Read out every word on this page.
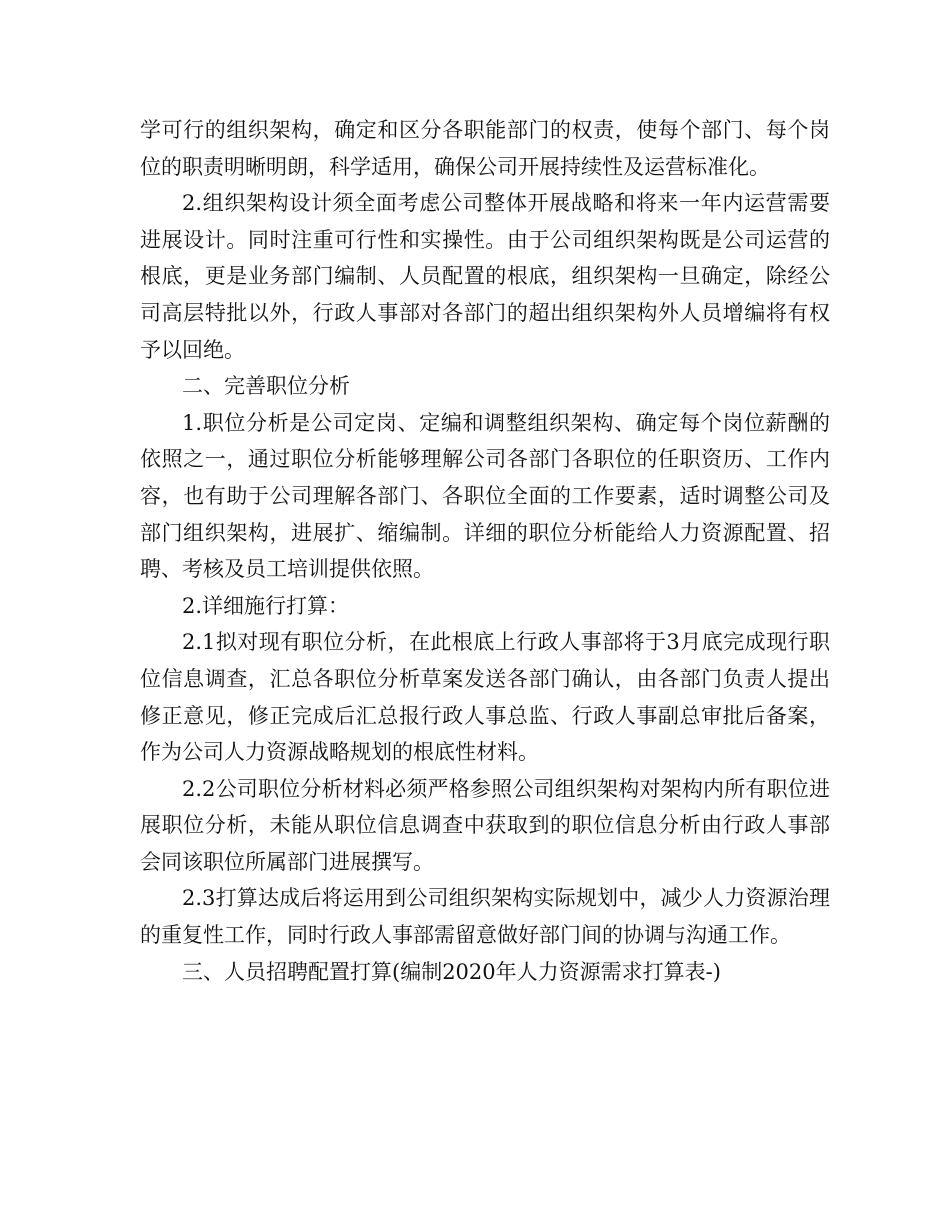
学可行的组织架构，确定和区分各职能部门的权责，使每个部门、每个岗位的职责明晰明朗，科学适用，确保公司开展持续性及运营标准化。

2.组织架构设计须全面考虑公司整体开展战略和将来一年内运营需要进展设计。同时注重可行性和实操性。由于公司组织架构既是公司运营的根底，更是业务部门编制、人员配置的根底，组织架构一旦确定，除经公司高层特批以外，行政人事部对各部门的超出组织架构外人员增编将有权予以回绝。

二、完善职位分析

1.职位分析是公司定岗、定编和调整组织架构、确定每个岗位薪酬的依照之一，通过职位分析能够理解公司各部门各职位的任职资历、工作内容，也有助于公司理解各部门、各职位全面的工作要素，适时调整公司及部门组织架构，进展扩、缩编制。详细的职位分析能给人力资源配置、招聘、考核及员工培训提供依照。

2.详细施行打算：

2.1拟对现有职位分析，在此根底上行政人事部将于3月底完成现行职位信息调查，汇总各职位分析草案发送各部门确认，由各部门负责人提出修正意见，修正完成后汇总报行政人事总监、行政人事副总审批后备案，作为公司人力资源战略规划的根底性材料。

2.2公司职位分析材料必须严格参照公司组织架构对架构内所有职位进展职位分析，未能从职位信息调查中获取到的职位信息分析由行政人事部会同该职位所属部门进展撰写。

2.3打算达成后将运用到公司组织架构实际规划中，减少人力资源治理的重复性工作，同时行政人事部需留意做好部门间的协调与沟通工作。

三、人员招聘配置打算(编制2020年人力资源需求打算表-)
